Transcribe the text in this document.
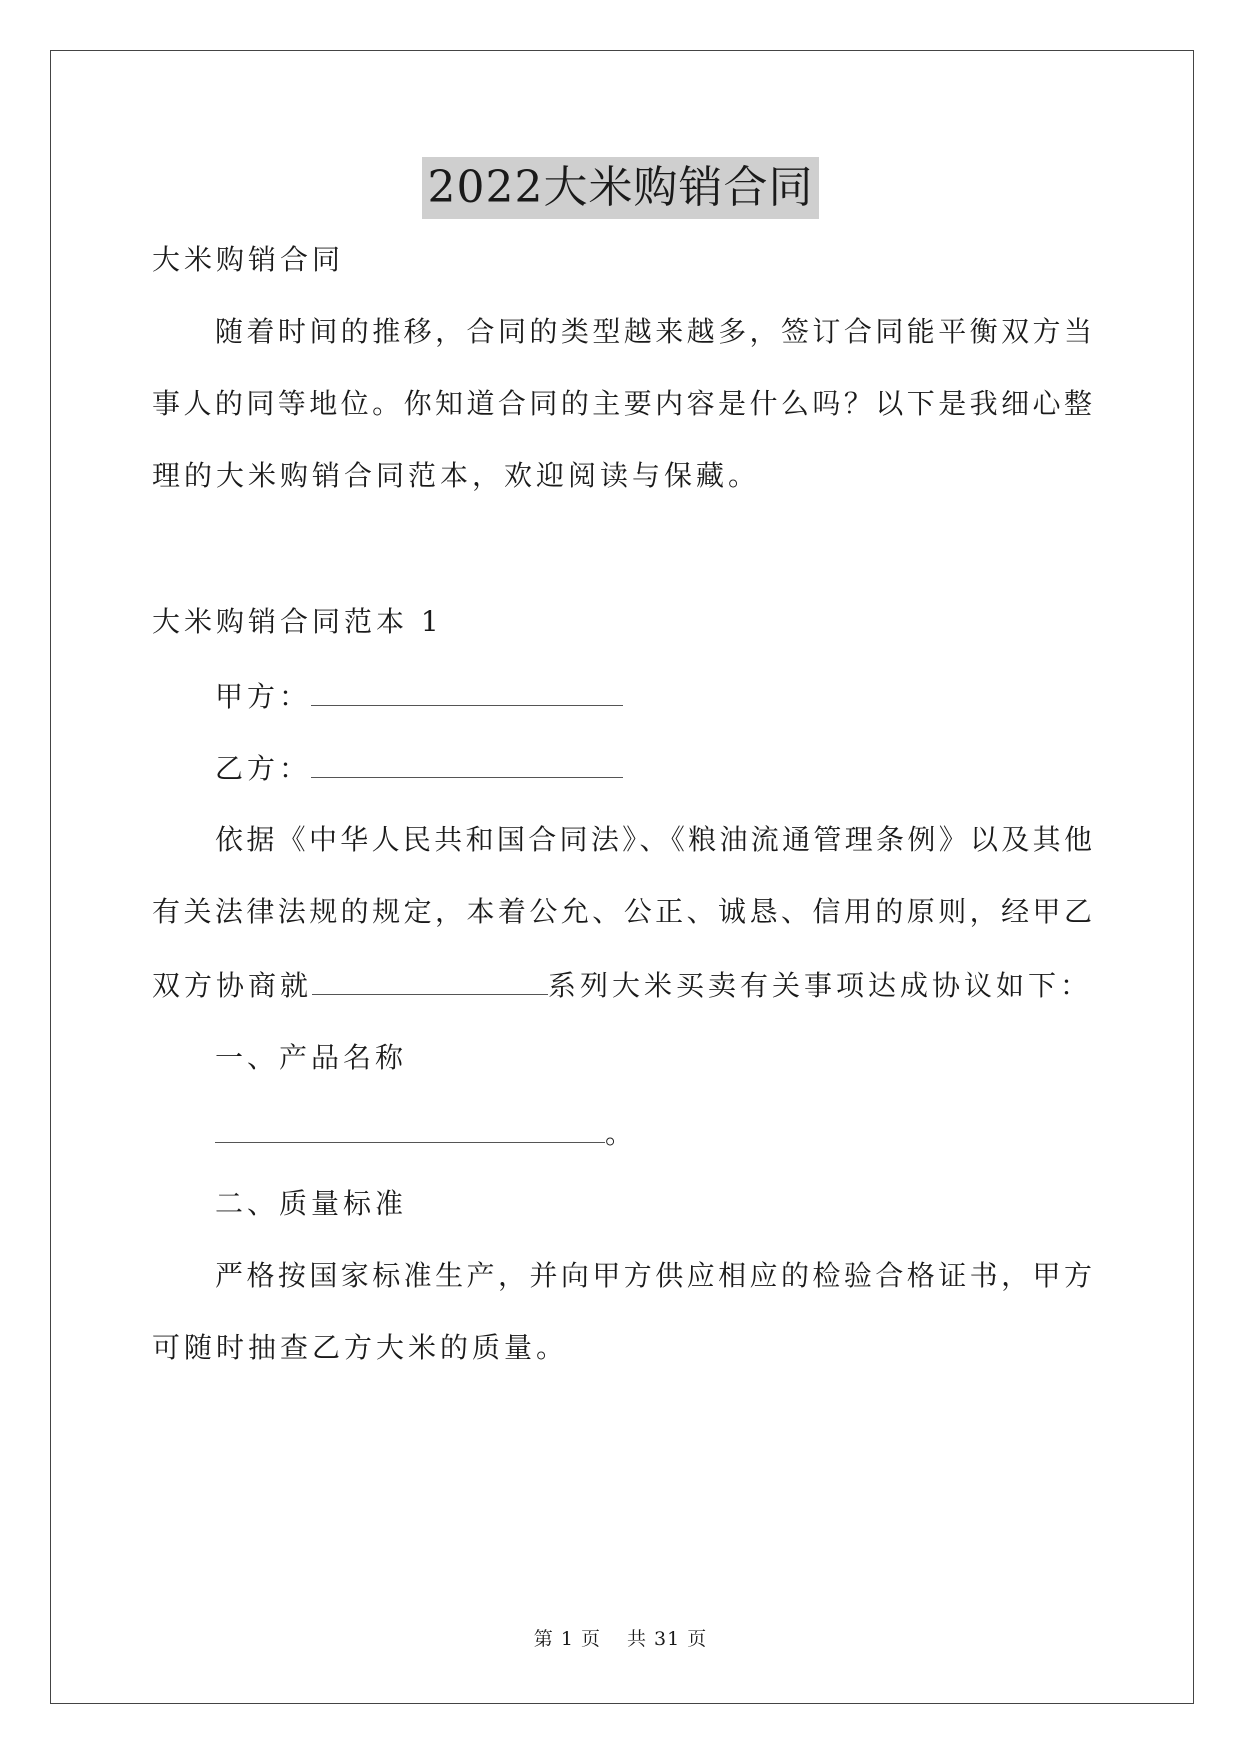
2022大米购销合同
大米购销合同
随着时间的推移，合同的类型越来越多，签订合同能平衡双方当
事人的同等地位。你知道合同的主要内容是什么吗？以下是我细心整
理的大米购销合同范本，欢迎阅读与保藏。
大米购销合同范本 1
甲方：
乙方：
依据《中华人民共和国合同法》、《粮油流通管理条例》以及其他
有关法律法规的规定，本着公允、公正、诚恳、信用的原则，经甲乙
双方协商就	系列大米买卖有关事项达成协议如下：
一、产品名称
。
二、质量标准
严格按国家标准生产，并向甲方供应相应的检验合格证书，甲方
可随时抽查乙方大米的质量。
第 1 页 共 31 页
